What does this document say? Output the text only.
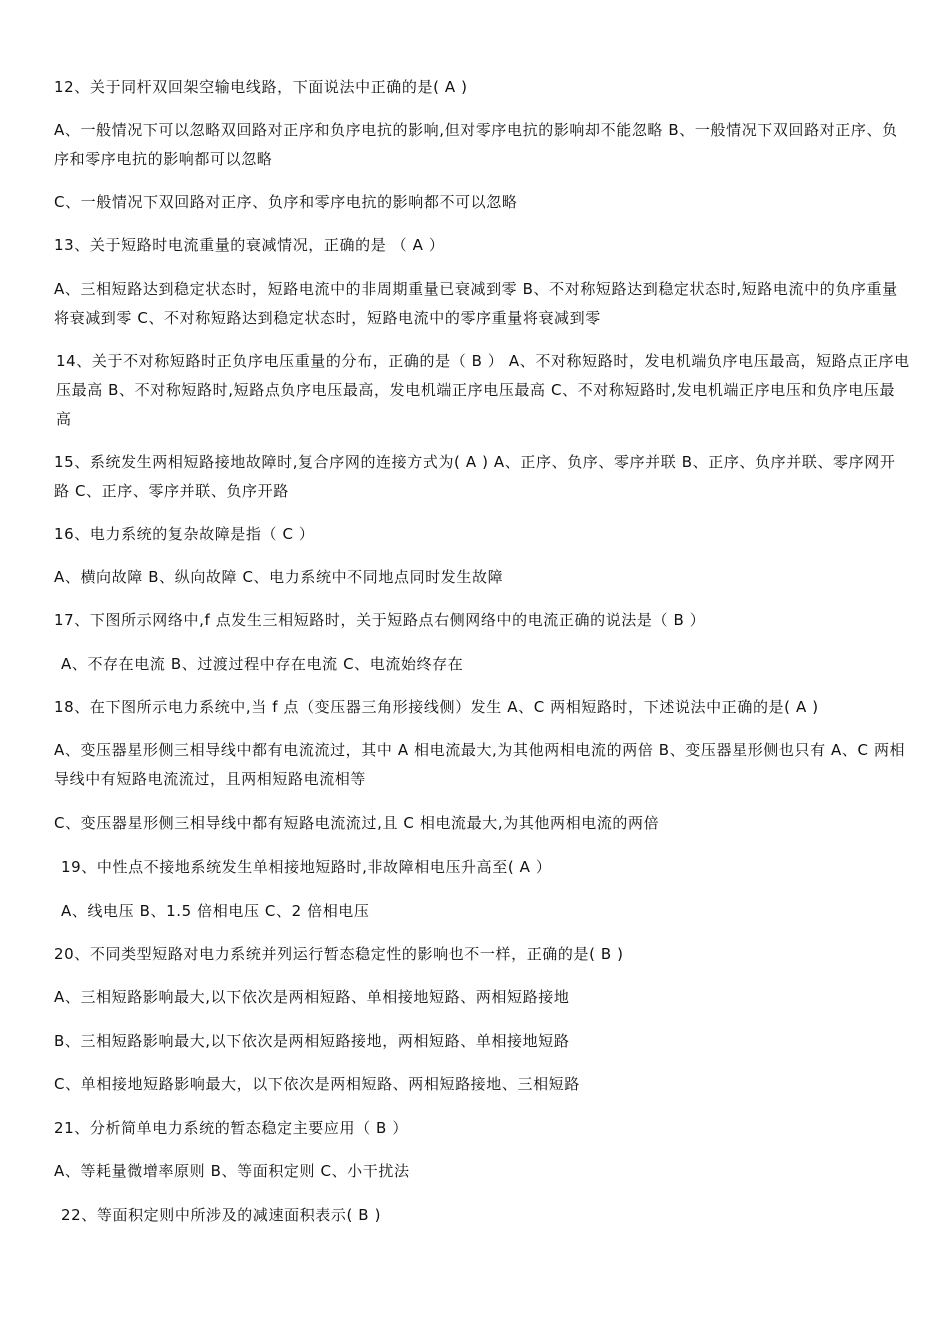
12、关于同杆双回架空输电线路，下面说法中正确的是( A )
A、一般情况下可以忽略双回路对正序和负序电抗的影响,但对零序电抗的影响却不能忽略 B、一般情况下双回路对正序、负序和零序电抗的影响都可以忽略
C、一般情况下双回路对正序、负序和零序电抗的影响都不可以忽略
13、关于短路时电流重量的衰减情况，正确的是 （ A ）
A、三相短路达到稳定状态时，短路电流中的非周期重量已衰减到零 B、不对称短路达到稳定状态时,短路电流中的负序重量将衰减到零 C、不对称短路达到稳定状态时，短路电流中的零序重量将衰减到零
14、关于不对称短路时正负序电压重量的分布，正确的是（ B ） A、不对称短路时，发电机端负序电压最高，短路点正序电压最高 B、不对称短路时,短路点负序电压最高，发电机端正序电压最高 C、不对称短路时,发电机端正序电压和负序电压最高
15、系统发生两相短路接地故障时,复合序网的连接方式为( A ) A、正序、负序、零序并联 B、正序、负序并联、零序网开路 C、正序、零序并联、负序开路
16、电力系统的复杂故障是指（ C ）
A、横向故障 B、纵向故障 C、电力系统中不同地点同时发生故障
17、下图所示网络中,f 点发生三相短路时，关于短路点右侧网络中的电流正确的说法是（ B ）
A、不存在电流 B、过渡过程中存在电流 C、电流始终存在
18、在下图所示电力系统中,当 f 点（变压器三角形接线侧）发生 A、C 两相短路时，下述说法中正确的是( A )
A、变压器星形侧三相导线中都有电流流过，其中 A 相电流最大,为其他两相电流的两倍 B、变压器星形侧也只有 A、C 两相导线中有短路电流流过，且两相短路电流相等
C、变压器星形侧三相导线中都有短路电流流过,且 C 相电流最大,为其他两相电流的两倍
19、中性点不接地系统发生单相接地短路时,非故障相电压升高至( A ）
A、线电压 B、1.5 倍相电压 C、2 倍相电压
20、不同类型短路对电力系统并列运行暂态稳定性的影响也不一样，正确的是( B )
A、三相短路影响最大,以下依次是两相短路、单相接地短路、两相短路接地
B、三相短路影响最大,以下依次是两相短路接地，两相短路、单相接地短路
C、单相接地短路影响最大，以下依次是两相短路、两相短路接地、三相短路
21、分析简单电力系统的暂态稳定主要应用（ B ）
A、等耗量微增率原则 B、等面积定则 C、小干扰法
22、等面积定则中所涉及的减速面积表示( B )
